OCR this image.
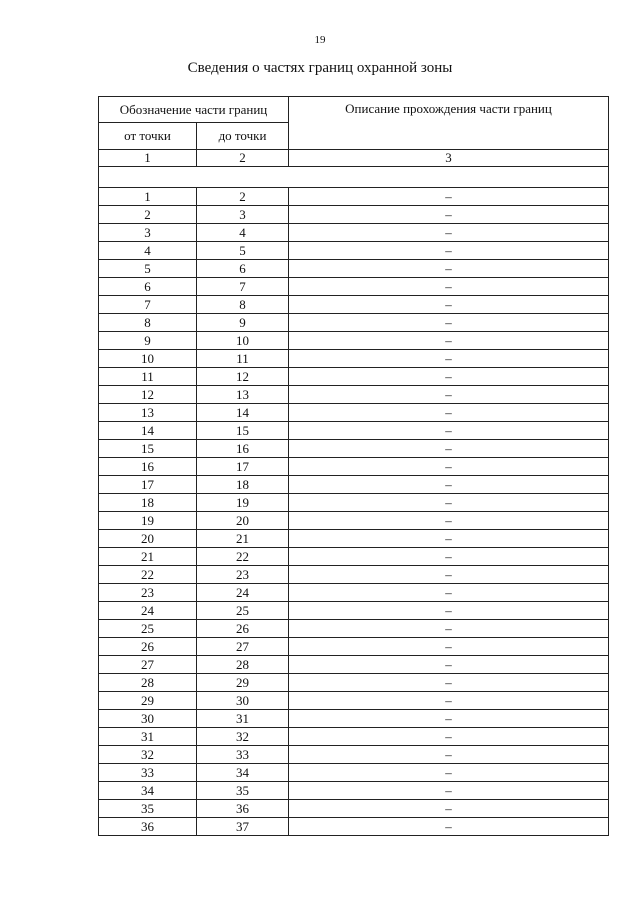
19
Сведения о частях границ охранной зоны
Обозначение части границ		Описание прохождения части границ
от точки	до точки	
1	2	3

1	2	–
2	3	–
3	4	–
4	5	–
5	6	–
6	7	–
7	8	–
8	9	–
9	10	–
10	11	–
11	12	–
12	13	–
13	14	–
14	15	–
15	16	–
16	17	–
17	18	–
18	19	–
19	20	–
20	21	–
21	22	–
22	23	–
23	24	–
24	25	–
25	26	–
26	27	–
27	28	–
28	29	–
29	30	–
30	31	–
31	32	–
32	33	–
33	34	–
34	35	–
35	36	–
36	37	–
